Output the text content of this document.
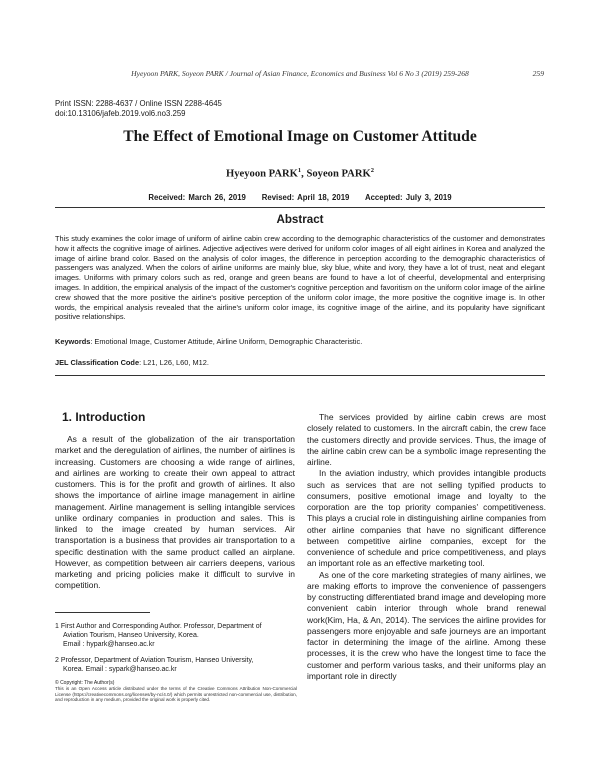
Hyeyoon PARK, Soyeon PARK / Journal of Asian Finance, Economics and Business Vol 6 No 3 (2019) 259-268	259
Print ISSN: 2288-4637 / Online ISSN 2288-4645
doi:10.13106/jafeb.2019.vol6.no3.259
The Effect of Emotional Image on Customer Attitude
Hyeyoon PARK$^1$, Soyeon PARK$^2$
Received: March 26, 2019 Revised: April 18, 2019 Accepted: July 3, 2019
Abstract
This study examines the color image of uniform of airline cabin crew according to the demographic characteristics of the customer and demonstrates how it affects the cognitive image of airlines. Adjective adjectives were derived for uniform color images of all eight airlines in Korea and analyzed the image of airline brand color. Based on the analysis of color images, the difference in perception according to the demographic characteristics of passengers was analyzed. When the colors of airline uniforms are mainly blue, sky blue, white and ivory, they have a lot of trust, neat and elegant images. Uniforms with primary colors such as red, orange and green beans are found to have a lot of cheerful, developmental and enterprising images. In addition, the empirical analysis of the impact of the customer's cognitive perception and favoritism on the uniform color image of the airline crew showed that the more positive the airline's positive perception of the uniform color image, the more positive the cognitive image is. In other words, the empirical analysis revealed that the airline's uniform color image, its cognitive image of the airline, and its popularity have significant positive relationships.
Keywords: Emotional Image, Customer Attitude, Airline Uniform, Demographic Characteristic.
JEL Classification Code: L21, L26, L60, M12.
1. Introduction

As a result of the globalization of the air transportation market and the deregulation of airlines, the number of airlines is increasing. Customers are choosing a wide range of airlines, and airlines are working to create their own appeal to attract customers. This is for the profit and growth of airlines. It also shows the importance of airline image management in airline management. Airline management is selling intangible services unlike ordinary companies in production and sales. This is linked to the image created by human services. Air transportation is a business that provides air transportation to a specific destination with the same product called an airplane. However, as competition between air carriers deepens, various marketing and pricing policies make it difficult to survive in competition.

The services provided by airline cabin crews are most closely related to customers. In the aircraft cabin, the crew face the customers directly and provide services. Thus, the image of the airline cabin crew can be a symbolic image representing the airline.

In the aviation industry, which provides intangible products such as services that are not selling typified products to consumers, positive emotional image and loyalty to the corporation are the top priority companies' competitiveness. This plays a crucial role in distinguishing airline companies from other airline companies that have no significant difference between competitive airline companies, except for the convenience of schedule and price competitiveness, and plays an important role as an effective marketing tool.

As one of the core marketing strategies of many airlines, we are making efforts to improve the convenience of passengers by constructing differentiated brand image and developing more convenient cabin interior through whole brand renewal work(Kim, Ha, & An, 2014). The services the airline provides for passengers more enjoyable and safe journeys are an important factor in determining the image of the airline. Among these processes, it is the crew who have the longest time to face the customer and perform various tasks, and their uniforms play an important role in directly

1 First Author and Corresponding Author. Professor, Department of
Aviation Tourism, Hanseo University, Korea.
Email : hypark@hanseo.ac.kr
2 Professor, Department of Aviation Tourism, Hanseo University,
Korea. Email : sypark@hanseo.ac.kr
© Copyright: The Author(s)
This is an Open Access article distributed under the terms of the Creative Commons Attribution Non-Commercial License (https://creativecommons.org/licenses/by-nc/4.0/) which permits unrestricted non-commercial use, distribution, and reproduction in any medium, provided the original work is properly cited.
